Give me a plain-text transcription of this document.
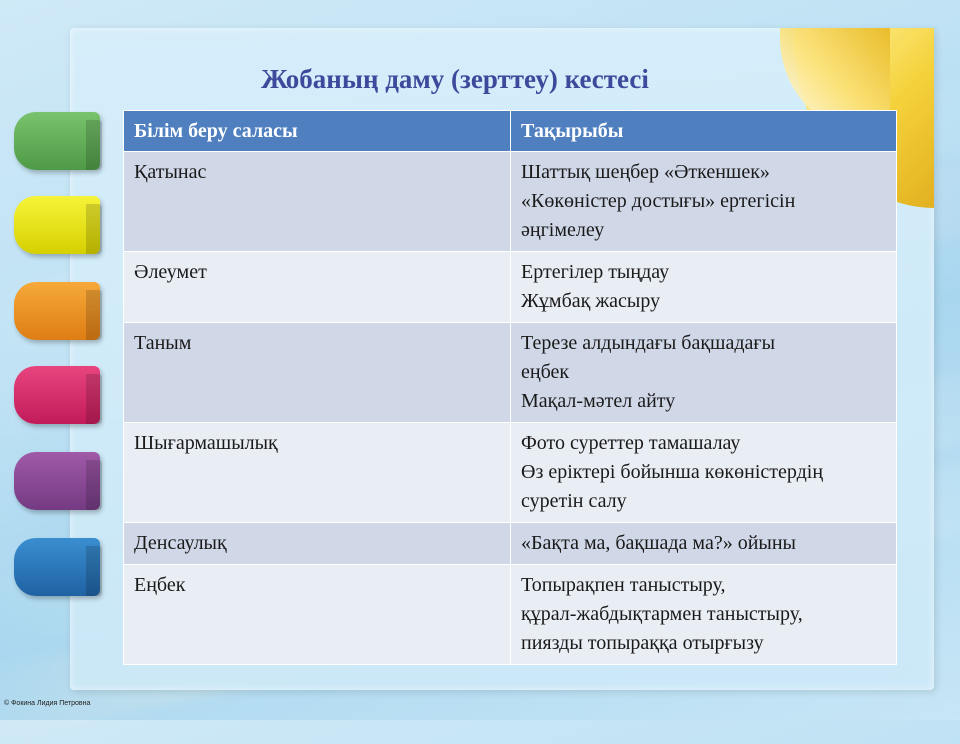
Жобаның даму (зерттеу) кестесі
Білім беру саласы	Тақырыбы
Қатынас	Шаттық шеңбер «Әткеншек»
«Көкөністер достығы» ертегісін
әңгімелеу

Әлеумет	Ертегілер тыңдау
Жұмбақ жасыру

Таным	Терезе алдындағы бақшадағы
еңбек
Мақал-мәтел айту

Шығармашылық	Фото суреттер тамашалау
Өз еріктері бойынша көкөністердің
суретін салу

Денсаулық	«Бақта ма, бақшада ма?» ойыны

Еңбек	Топырақпен таныстыру,
құрал-жабдықтармен таныстыру,
пиязды топыраққа отырғызу
© Фокина Лидия Петровна
